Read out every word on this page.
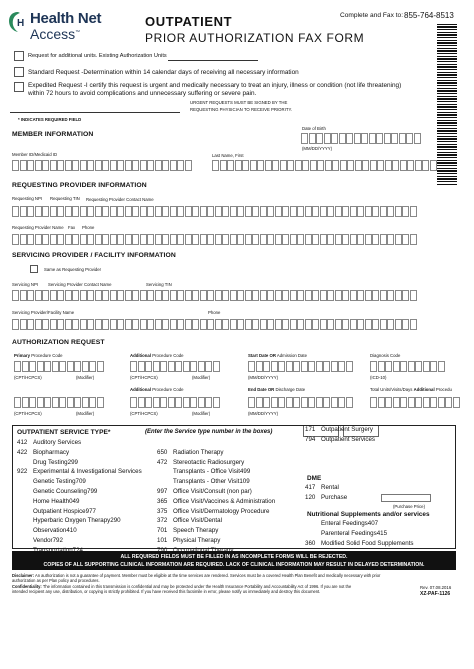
H Health Net
Access™
OUTPATIENT
PRIOR AUTHORIZATION FAX FORM
Complete and Fax to: 855-764-8513
Request for additional units. Existing Authorization Units
Standard Request -Determination within 14 calendar days of receiving all necessary information
Expedited Request -I certify this request is urgent and medically necessary to treat an injury, illness or condition (not life threatening)
within 72 hours to avoid complications and unnecessary suffering or severe pain.
URGENT REQUESTS MUST BE SIGNED BY THE
REQUESTING PHYSICIAN TO RECEIVE PRIORITY.
* INDICATES REQUIRED FIELD
MEMBER INFORMATION
Date of Birth
(MM/DD/YYYY)
Member ID/Medicaid ID	Last Name, First
REQUESTING PROVIDER INFORMATION
Requesting NPI Requesting TIN Requesting Provider Contact Name
Requesting Provider Name Fax Phone
SERVICING PROVIDER / FACILITY INFORMATION
Same as Requesting Provider
Servicing NPI Servicing Provider Contact Name	Servicing TIN
Servicing Provider/Facility Name	Phone
AUTHORIZATION REQUEST
Primary Procedure Code	Additional Procedure Code	Start Date OR Admission Date	Diagnosis Code
(CPT/HCPCS)	(Modifier)	(CPT/HCPCS)	(Modifier)	(MM/DD/YYYY)	(ICD-10)
Additional Procedure Code	End Date OR Discharge Date	Total Units/Visits/Days Additional Procedu
(CPT/HCPCS)	(Modifier)	(CPT/HCPCS)	(Modifier)	(MM/DD/YYYY)
OUTPATIENT SERVICE TYPE*	(Enter the Service type number in the boxes)
412 Auditory Services
422 Biopharmacy
Drug Testing299
922 Experimental & Investigational Services
Genetic Testing709
Genetic Counseling799
Home Health049
Outpatient Hospice977
Hyperbaric Oxygen Therapy290
Observation410
Vendor792
650 Radiation Therapy
472 Stereotactic Radiosurgery
Transplants - Office Visit499
Transplants - Other Visit109
997 Office Visit/Consult (non par)
365 Office Visit/Vaccines & Administration
375 Office Visit/Dermatology Procedure
372 Office Visit/Dental
701 Speech Therapy
101 Physical Therapy
171 Outpatient Surgery
794 Outpatient Services
DME
417 Rental
120 Purchase
(Purchase Price)
Nutritional Supplements and/or services
Enteral Feedings407
Parenteral Feedings415
360 Modified Solid Food Supplements
ALL REQUIRED FIELDS MUST BE FILLED IN AS INCOMPLETE FORMS WILL BE REJECTED.
COPIES OF ALL SUPPORTING CLINICAL INFORMATION ARE REQUIRED. LACK OF CLINICAL INFORMATION MAY RESULT IN DELAYED DETERMINATION.
Disclaimer: An authorization is not a guarantee of payment. Member must be eligible at the time services are rendered. Services must be a covered Health Plan Benefit and medically necessary with prior
authorization as per Plan policy and procedures.
Confidentiality: The information contained in this transmission is confidential and may be protected under the Health Insurance Portability and Accountability Act of 1996. If you are not the
intended recipient any use, distribution, or copying is strictly prohibited. If you have received this facsimile in error, please notify us immediately and destroy this document.
Rev. 07.08.2016
XZ-PAF-1126
